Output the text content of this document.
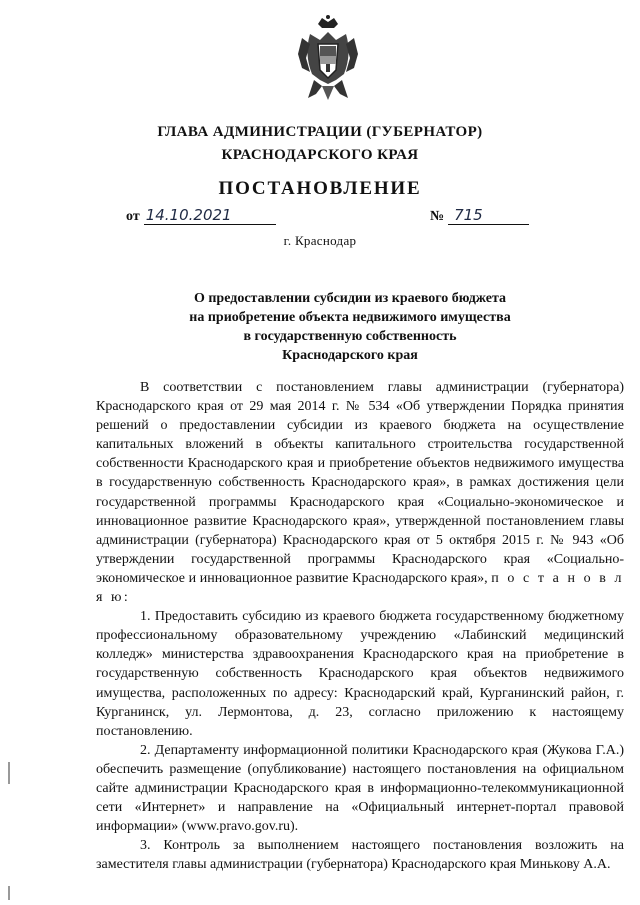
ГЛАВА АДМИНИСТРАЦИИ (ГУБЕРНАТОР)
КРАСНОДАРСКОГО КРАЯ
ПОСТАНОВЛЕНИЕ
от 14.10.2021	№ 715
г. Краснодар
О предоставлении субсидии из краевого бюджета
на приобретение объекта недвижимого имущества
в государственную собственность
Краснодарского края

В соответствии с постановлением главы администрации (губернатора) Краснодарского края от 29 мая 2014 г. № 534 «Об утверждении Порядка принятия решений о предоставлении субсидии из краевого бюджета на осуществление капитальных вложений в объекты капитального строительства государственной собственности Краснодарского края и приобретение объектов недвижимого имущества в государственную собственность Краснодарского края», в рамках достижения цели государственной программы Краснодарского края «Социально-экономическое и инновационное развитие Краснодарского края», утвержденной постановлением главы администрации (губернатора) Краснодарского края от 5 октября 2015 г. № 943 «Об утверждении государственной программы Краснодарского края «Социально-экономическое и инновационное развитие Краснодарского края», п о с т а н о в л я ю:

1. Предоставить субсидию из краевого бюджета государственному бюджетному профессиональному образовательному учреждению «Лабинский медицинский колледж» министерства здравоохранения Краснодарского края на приобретение в государственную собственность Краснодарского края объектов недвижимого имущества, расположенных по адресу: Краснодарский край, Курганинский район, г. Курганинск, ул. Лермонтова, д. 23, согласно приложению к настоящему постановлению.

2. Департаменту информационной политики Краснодарского края (Жукова Г.А.) обеспечить размещение (опубликование) настоящего постановления на официальном сайте администрации Краснодарского края в информационно-телекоммуникационной сети «Интернет» и направление на «Официальный интернет-портал правовой информации» (www.pravo.gov.ru).

3. Контроль за выполнением настоящего постановления возложить на заместителя главы администрации (губернатора) Краснодарского края Минькову А.А.
